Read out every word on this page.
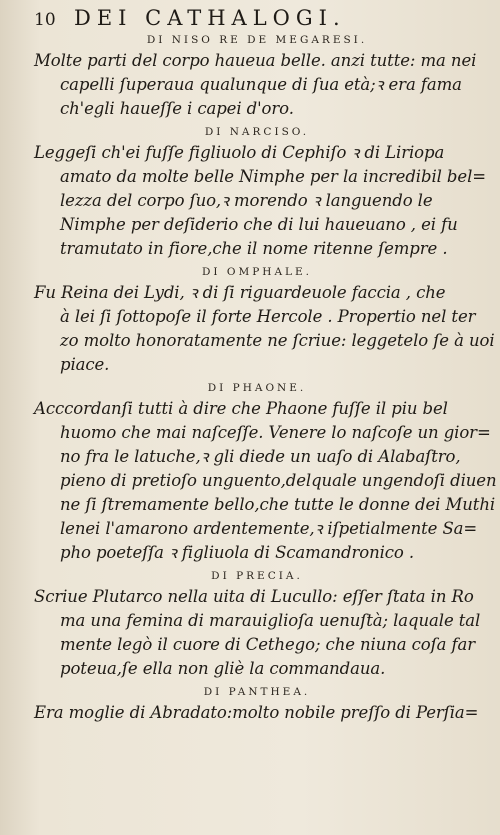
10 DEI CATHALOGI.
DI NISO RE DE MEGARESI.
Molte parti del corpo haueua belle. anzi tutte: ma nei
capelli ſuperaua qualunque di ſua età;ꝛ era fama
ch'egli haueſſe i capei d'oro.
DI NARCISO.
Leggeſi ch'ei fuſſe figliuolo di Cephiſo ꝛ di Liriopa
amato da molte belle Nimphe per la incredibil bel=
lezza del corpo ſuo,ꝛ morendo ꝛ languendo le
Nimphe per deſiderio che di lui haueuano , ei fu
tramutato in fiore,che il nome ritenne ſempre .
DI OMPHALE.
Fu Reina dei Lydi, ꝛ di ſi riguardeuole faccia , che
à lei ſi ſottopoſe il forte Hercole . Propertio nel ter
zo molto honoratamente ne ſcriue: leggetelo ſe à uoi
piace.
DI PHAONE.
Acccordanſi tutti à dire che Phaone fuſſe il piu bel
huomo che mai naſceſſe. Venere lo naſcoſe un gior=
no fra le latuche,ꝛ gli diede un uaſo di Alabaſtro,
pieno di pretioſo unguento,delquale ungendoſi diuen
ne ſi ſtremamente bello,che tutte le donne dei Muthi
lenei l'amarono ardentemente,ꝛ iſpetialmente Sa=
pho poeteſſa ꝛ figliuola di Scamandronico .
DI PRECIA.
Scriue Plutarco nella uita di Lucullo: eſſer ſtata in Ro
ma una femina di marauiglioſa uenuſtà; laquale tal
mente legò il cuore di Cethego; che niuna coſa far
poteua,ſe ella non gliè la commandaua.
DI PANTHEA.
Era moglie di Abradato:molto nobile preſſo di Perſia=
